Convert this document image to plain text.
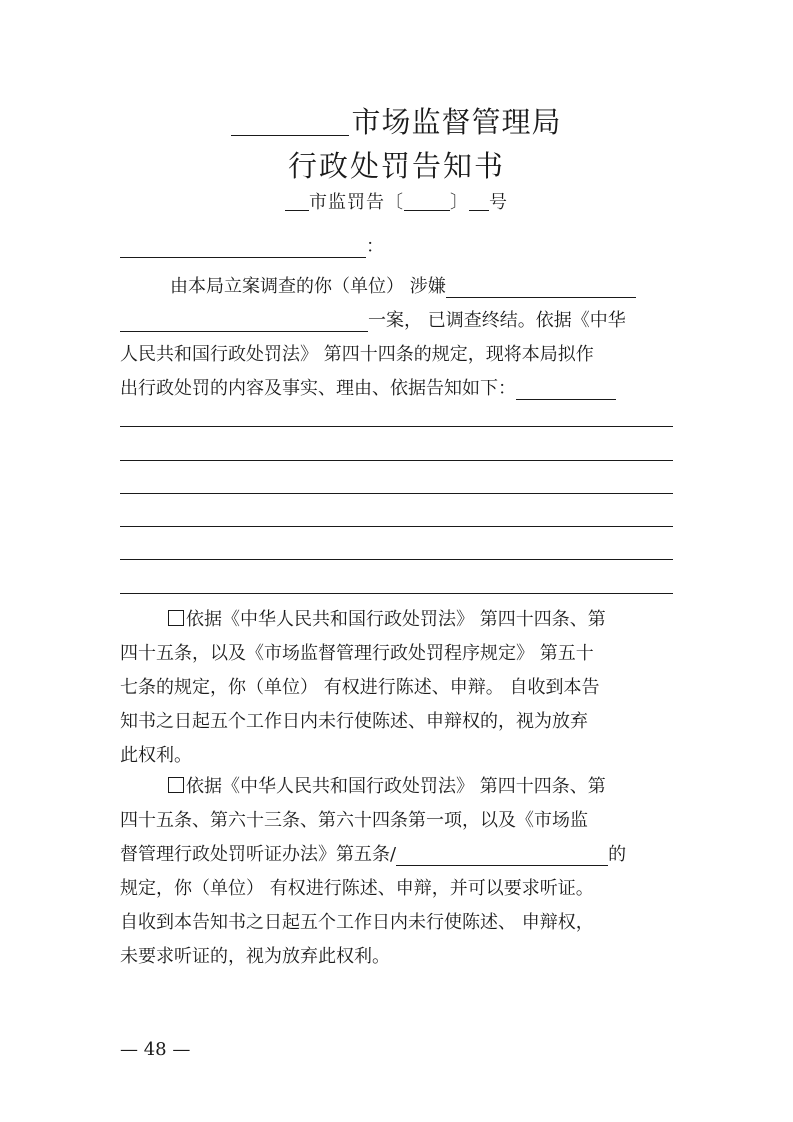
市场监督管理局
行政处罚告知书
市监罚告〔	〕 号
：
由本局立案调查的你（单位） 涉嫌
一案， 已调查终结。依据《中华
人民共和国行政处罚法》 第四十四条的规定，现将本局拟作
出行政处罚的内容及事实、理由、依据告知如下：
依据《中华人民共和国行政处罚法》 第四十四条、第
四十五条，以及《市场监督管理行政处罚程序规定》 第五十
七条的规定，你（单位） 有权进行陈述、申辩。 自收到本告
知书之日起五个工作日内未行使陈述、申辩权的，视为放弃
此权利。
依据《中华人民共和国行政处罚法》 第四十四条、第
四十五条、第六十三条、第六十四条第一项，以及《市场监
督管理行政处罚听证办法》第五条/	的
规定，你（单位） 有权进行陈述、申辩，并可以要求听证。
自收到本告知书之日起五个工作日内未行使陈述、 申辩权，
未要求听证的，视为放弃此权利。
— 48 —
